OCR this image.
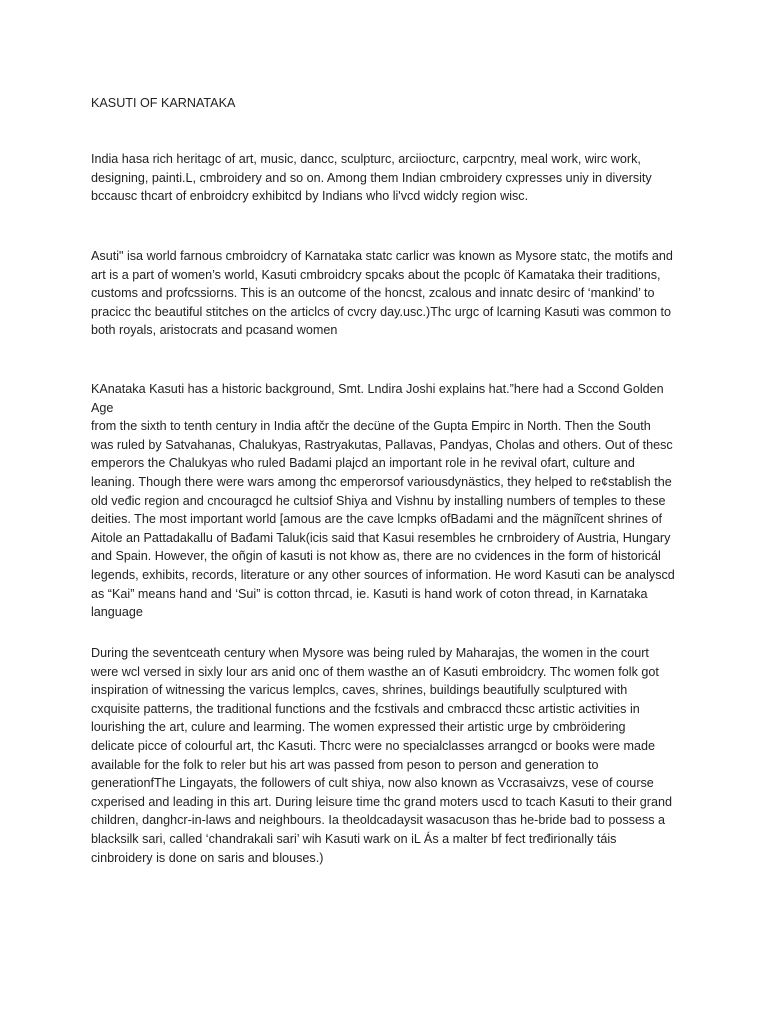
KASUTI OF KARNATAKA

India hasa rich heritagc of art, music, dancc, sculpturc, arciiocturc, carpcntry, meal work, wirc work,
designing, painti.L, cmbroidery and so on. Among them Indian cmbroidery cxpresses uniy in diversity
bccausc thcart of enbroidcry exhibitcd by Indians who li'vcd widcly region wisc.

Asuti" isa world farnous cmbroidcry of Karnataka statc carlicr was known as Mysore statc, the motifs and
art is a part of women’s world, Kasuti cmbroidcry spcaks about the pcoplc öf Kamataka their traditions,
customs and profcssiorns. This is an outcome of the honcst, zcalous and innatc desirc of ‘mankind’ to
pracicc thc beautiful stitches on the articlcs of cvcry day.usc.)Thc urgc of lcarning Kasuti was common to
both royals, aristocrats and pcasand women

KAnataka Kasuti has a historic background, Smt. Lndira Joshi explains hat.”here had a Sccond Golden Age
from the sixth to tenth century in India aftčr the decüne of the Gupta Empirc in North. Then the South
was ruled by Satvahanas, Chalukyas, Rastryakutas, Pallavas, Pandyas, Cholas and others. Out of thesc
emperors the Chalukyas who ruled Badami plajcd an important role in he revival ofart, culture and
leaning. Though there were wars among thc emperorsof variousdynästics, they helped to re¢stablish the
old veđic region and cncouragcd he cultsiof Shiya and Vishnu by installing numbers of temples to these
deities. The most important world [amous are the cave lcmpks ofBadami and the mägniĩcent shrines of
Aitole an Pattadakallu of Bađami Taluk(icis said that Kasui resembles he crnbroidery of Austria, Hungary
and Spain. However, the oñgin of kasuti is not khow as, there are no cvidences in the form of historicál
legends, exhibits, records, literature or any other sources of information. He word Kasuti can be analyscd
as “Kai” means hand and ‘Sui” is cotton thrcad, ie. Kasuti is hand work of coton thread, in Karnataka
language

During the seventceath century when Mysore was being ruled by Maharajas, the women in the court
were wcl versed in sixly lour ars anid onc of them wasthe an of Kasuti embroidcry. Thc women folk got
inspiration of witnessing the varicus lemplcs, caves, shrines, buildings beautifully sculptured with
cxquisite patterns, the traditional functions and the fcstivals and cmbraccd thcsc artistic activities in
lourishing the art, culure and learming. The women expressed their artistic urge by cmbröidering
delicate picce of colourful art, thc Kasuti. Thcrc were no specialclasses arrangcd or books were made
available for the folk to reler but his art was passed from peson to person and generation to
generationfThe Lingayats, the followers of cult shiya, now also known as Vccrasaivzs, vese of course
cxperised and leading in this art. During leisure time thc grand moters uscd to tcach Kasuti to their grand
children, danghcr-in-laws and neighbours. Ia theoldcadaysit wasacuson thas he-bride bad to possess a
blacksilk sari, called ‘chandrakali sari’ wih Kasuti wark on iL Ás a malter bf fect tređirionally táis
cinbroidery is done on saris and blouses.)
